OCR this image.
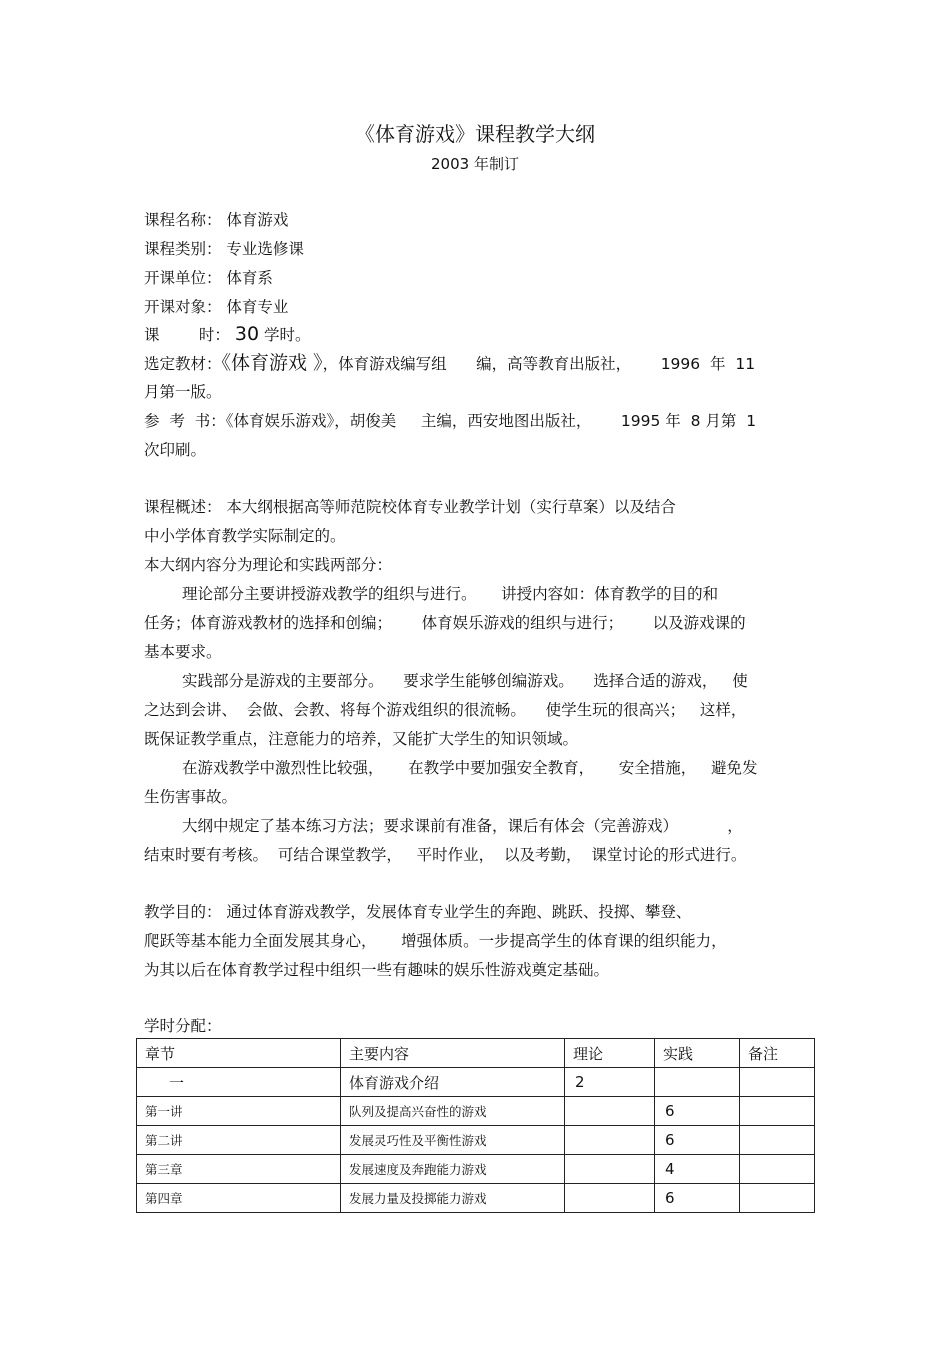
《体育游戏》课程教学大纲
2003 年制订
课程名称： 体育游戏
课程类别： 专业选修课
开课单位： 体育系
开课对象： 体育专业
课        时： 30 学时。
选定教材：《体育游戏 》，体育游戏编写组      编，高等教育出版社，      1996  年  11
月第一版。
参  考  书：《体育娱乐游戏》，胡俊美     主编，西安地图出版社，      1995 年  8 月第  1
次印刷。
课程概述： 本大纲根据高等师范院校体育专业教学计划（实行草案）以及结合
中小学体育教学实际制定的。
本大纲内容分为理论和实践两部分：
理论部分主要讲授游戏教学的组织与进行。     讲授内容如：体育教学的目的和
任务；体育游戏教材的选择和创编；      体育娱乐游戏的组织与进行；      以及游戏课的
基本要求。
实践部分是游戏的主要部分。    要求学生能够创编游戏。    选择合适的游戏，   使
之达到会讲、  会做、会教、将每个游戏组织的很流畅。    使学生玩的很高兴；   这样，
既保证教学重点，注意能力的培养，又能扩大学生的知识领域。
在游戏教学中激烈性比较强，     在教学中要加强安全教育，     安全措施，   避免发
生伤害事故。
大纲中规定了基本练习方法；要求课前有准备，课后有体会（完善游戏）          ，
结束时要有考核。  可结合课堂教学，   平时作业，  以及考勤，  课堂讨论的形式进行。
教学目的： 通过体育游戏教学，发展体育专业学生的奔跑、跳跃、投掷、攀登、
爬跃等基本能力全面发展其身心，     增强体质。一步提高学生的体育课的组织能力，
为其以后在体育教学过程中组织一些有趣味的娱乐性游戏奠定基础。
学时分配：
章节	主要内容	理论	实践	备注
一	体育游戏介绍	2		
第一讲	队列及提高兴奋性的游戏		6	
第二讲	发展灵巧性及平衡性游戏		6	
第三章	发展速度及奔跑能力游戏		4	
第四章	发展力量及投掷能力游戏		6	
